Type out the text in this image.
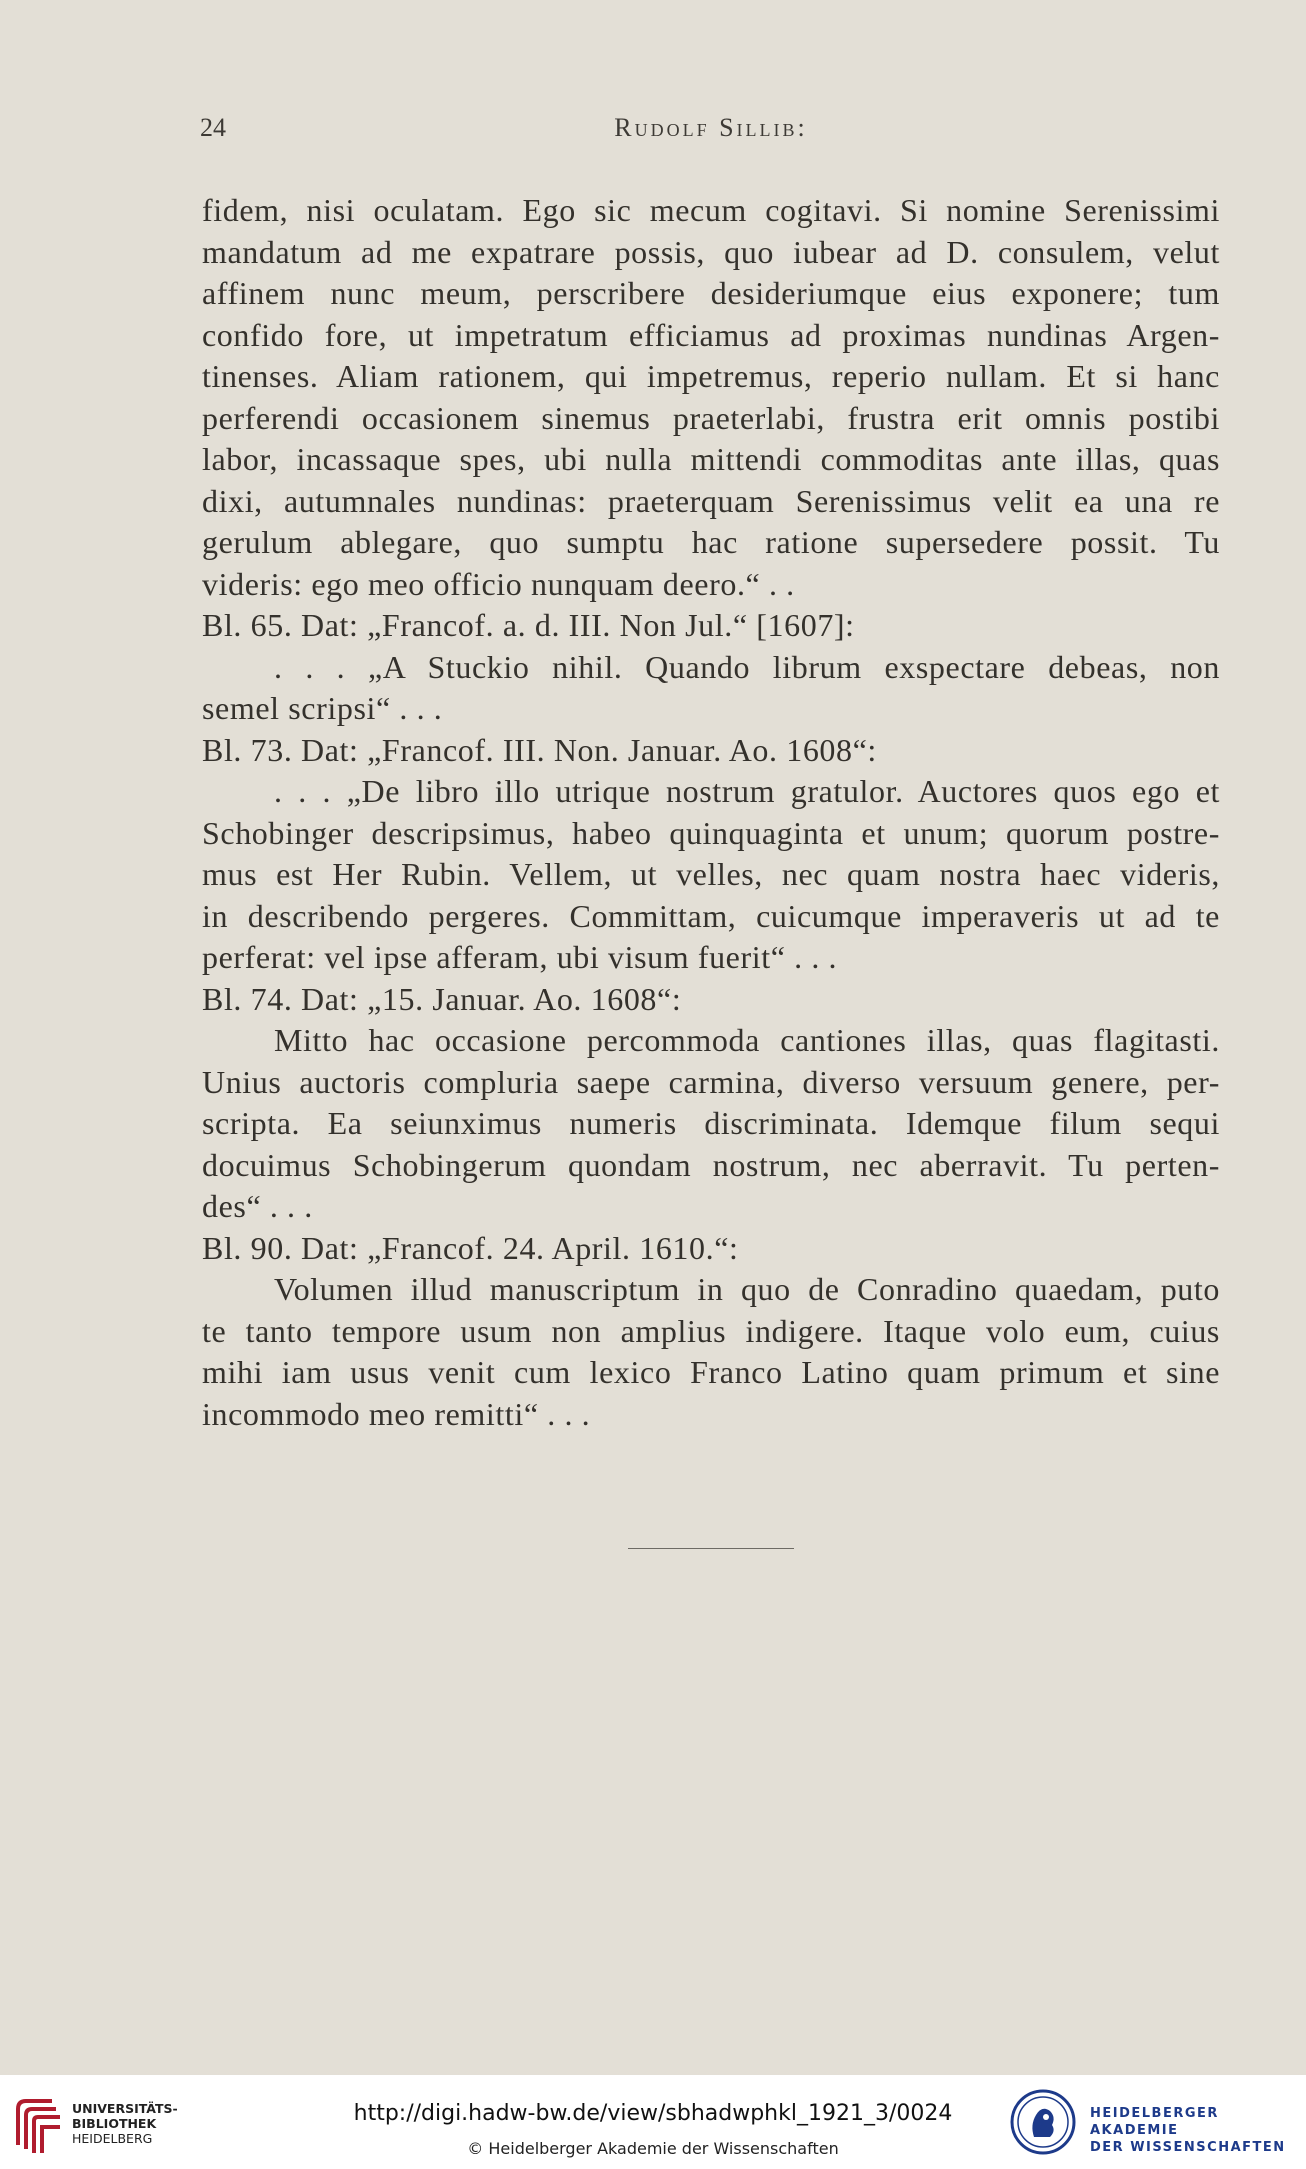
24	Rudolf Sillib:
fidem, nisi oculatam. Ego sic mecum cogitavi. Si nomine Serenissimi
mandatum ad me expatrare possis, quo iubear ad D. consulem, velut
affinem nunc meum, perscribere desideriumque eius exponere; tum
confido fore, ut impetratum efficiamus ad proximas nundinas Argen-
tinenses. Aliam rationem, qui impetremus, reperio nullam. Et si hanc
perferendi occasionem sinemus praeterlabi, frustra erit omnis postibi
labor, incassaque spes, ubi nulla mittendi commoditas ante illas, quas
dixi, autumnales nundinas: praeterquam Serenissimus velit ea una re
gerulum ablegare, quo sumptu hac ratione supersedere possit. Tu
videris: ego meo officio nunquam deero.“ . .
Bl. 65. Dat: „Francof. a. d. III. Non Jul.“ [1607]:
. . . „A Stuckio nihil. Quando librum exspectare debeas, non
semel scripsi“ . . .
Bl. 73. Dat: „Francof. III. Non. Januar. Ao. 1608“:
. . . „De libro illo utrique nostrum gratulor. Auctores quos ego et
Schobinger descripsimus, habeo quinquaginta et unum; quorum postre-
mus est Her Rubin. Vellem, ut velles, nec quam nostra haec videris,
in describendo pergeres. Committam, cuicumque imperaveris ut ad te
perferat: vel ipse afferam, ubi visum fuerit“ . . .
Bl. 74. Dat: „15. Januar. Ao. 1608“:
Mitto hac occasione percommoda cantiones illas, quas flagitasti.
Unius auctoris compluria saepe carmina, diverso versuum genere, per-
scripta. Ea seiunximus numeris discriminata. Idemque filum sequi
docuimus Schobingerum quondam nostrum, nec aberravit. Tu perten-
des“ . . .
Bl. 90. Dat: „Francof. 24. April. 1610.“:
Volumen illud manuscriptum in quo de Conradino quaedam, puto
te tanto tempore usum non amplius indigere. Itaque volo eum, cuius
mihi iam usus venit cum lexico Franco Latino quam primum et sine
incommodo meo remitti“ . . .
UNIVERSITÄTS-
BIBLIOTHEK
HEIDELBERG
http://digi.hadw-bw.de/view/sbhadwphkl_1921_3/0024
© Heidelberger Akademie der Wissenschaften
HEIDELBERGER AKADEMIE
DER WISSENSCHAFTEN
